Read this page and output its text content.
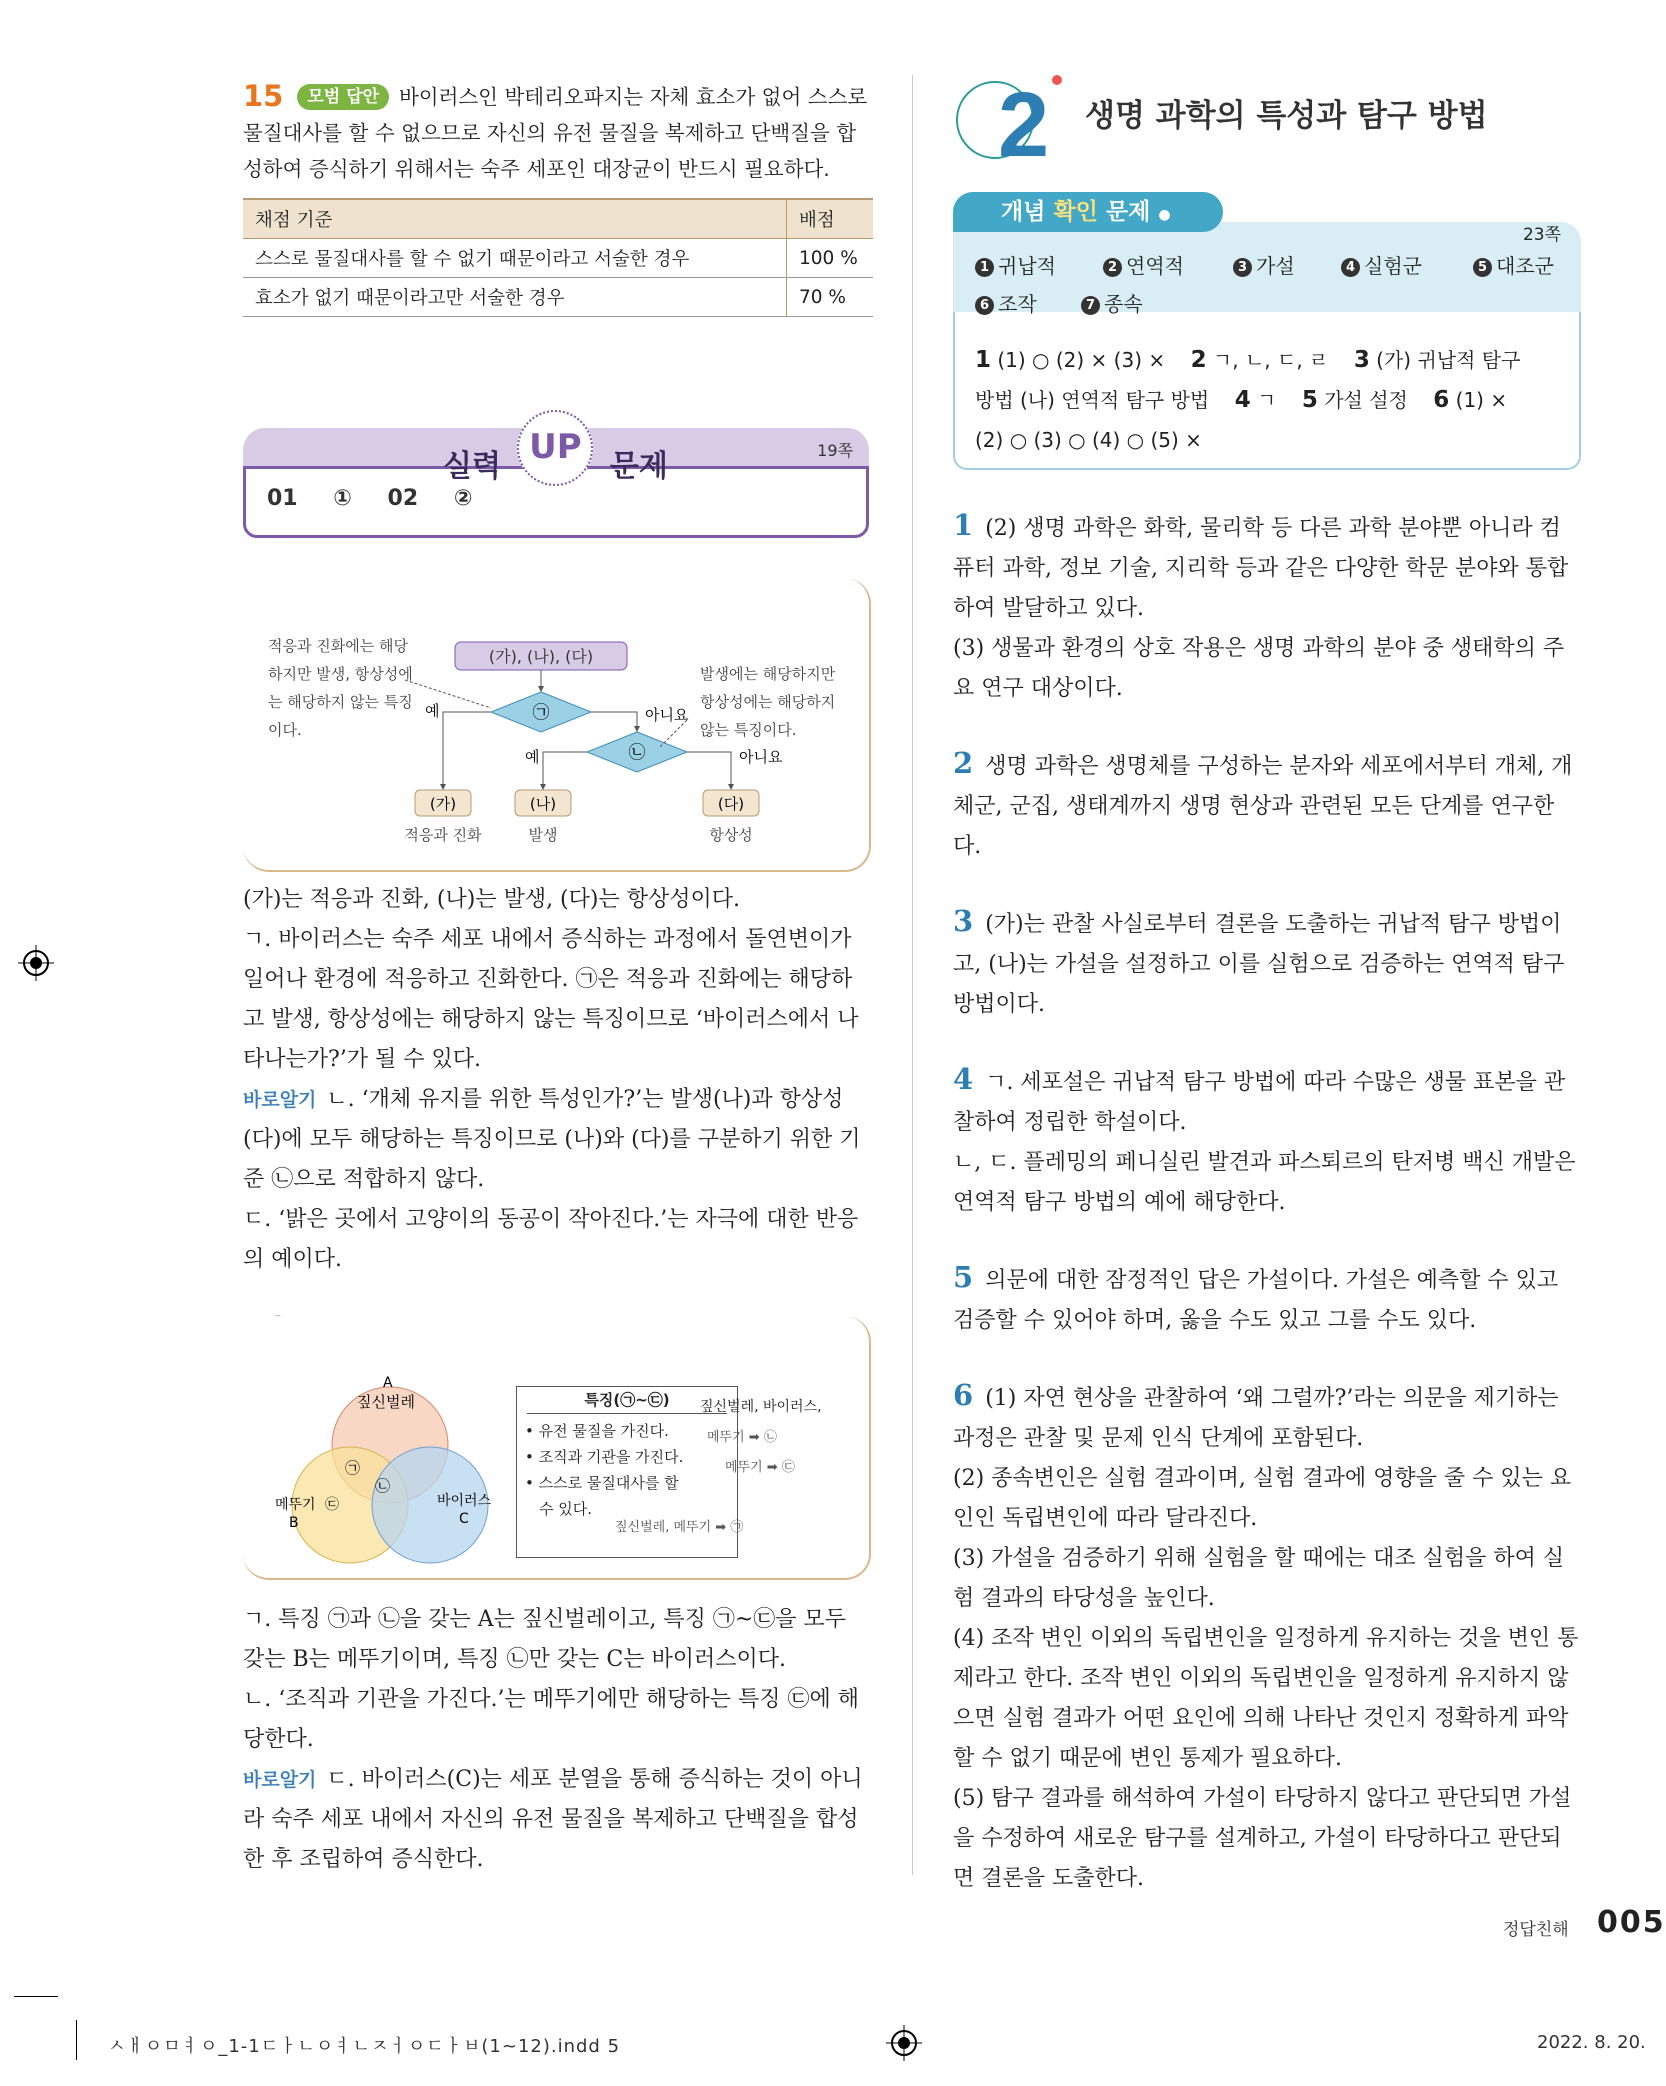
15 모범 답안 바이러스인 박테리오파지는 자체 효소가 없어 스스로 물질대사를 할 수 없으므로 자신의 유전 물질을 복제하고 단백질을 합성하여 증식하기 위해서는 숙주 세포인 대장균이 반드시 필요하다.
채점 기준	배점
스스로 물질대사를 할 수 없기 때문이라고 서술한 경우	100 %
효소가 없기 때문이라고만 서술한 경우	70 %
실력 UP 문제	19쪽
01 ① 02 ②
(가), (나), (다)
㉠
예	아니요
㉡
예	아니요
(가)
적응과 진화
(나)
발생
(다)
항상성
적응과 진화에는 해당하지만 발생, 항상성에는 해당하지 않는 특징이다.
발생에는 해당하지만 항상성에는 해당하지 않는 특징이다.
(가)는 적응과 진화, (나)는 발생, (다)는 항상성이다.
ㄱ. 바이러스는 숙주 세포 내에서 증식하는 과정에서 돌연변이가 일어나 환경에 적응하고 진화한다. ㉠은 적응과 진화에는 해당하고 발생, 항상성에는 해당하지 않는 특징이므로 ‘바이러스에서 나타나는가?’가 될 수 있다.
바로알기 ㄴ. ‘개체 유지를 위한 특성인가?’는 발생(나)과 항상성(다)에 모두 해당하는 특징이므로 (나)와 (다)를 구분하기 위한 기준 ㉡으로 적합하지 않다.
ㄷ. ‘밝은 곳에서 고양이의 동공이 작아진다.’는 자극에 대한 반응의 예이다.
A
짚신벌레
메뚜기 ㉢
B
바이러스
C
㉠
㉡
특징(㉠~㉢)
• 유전 물질을 가진다.
• 조직과 기관을 가진다.
• 스스로 물질대사를 할
수 있다.
짚신벌레, 바이러스,
메뚜기 ➡ ㉡
메뚜기 ➡ ㉢
짚신벌레, 메뚜기 ➡ ㉠
ㄱ. 특징 ㉠과 ㉡을 갖는 A는 짚신벌레이고, 특징 ㉠~㉢을 모두 갖는 B는 메뚜기이며, 특징 ㉡만 갖는 C는 바이러스이다.
ㄴ. ‘조직과 기관을 가진다.’는 메뚜기에만 해당하는 특징 ㉢에 해당한다.
바로알기 ㄷ. 바이러스(C)는 세포 분열을 통해 증식하는 것이 아니라 숙주 세포 내에서 자신의 유전 물질을 복제하고 단백질을 합성한 후 조립하여 증식한다.
2 생명 과학의 특성과 탐구 방법
개념 확인 문제 ●
23쪽
1 귀납적	2 연역적	3 가설	4 실험군	5 대조군
6 조작	7 종속
1 (1) ○ (2) × (3) × 2 ㄱ, ㄴ, ㄷ, ㄹ 3 (가) 귀납적 탐구
방법 (나) 연역적 탐구 방법 4 ㄱ 5 가설 설정 6 (1) ×
(2) ○ (3) ○ (4) ○ (5) ×
1 (2) 생명 과학은 화학, 물리학 등 다른 과학 분야뿐 아니라 컴퓨터 과학, 정보 기술, 지리학 등과 같은 다양한 학문 분야와 통합하여 발달하고 있다.
(3) 생물과 환경의 상호 작용은 생명 과학의 분야 중 생태학의 주요 연구 대상이다.
2 생명 과학은 생명체를 구성하는 분자와 세포에서부터 개체, 개체군, 군집, 생태계까지 생명 현상과 관련된 모든 단계를 연구한다.
3 (가)는 관찰 사실로부터 결론을 도출하는 귀납적 탐구 방법이고, (나)는 가설을 설정하고 이를 실험으로 검증하는 연역적 탐구 방법이다.
4 ㄱ. 세포설은 귀납적 탐구 방법에 따라 수많은 생물 표본을 관찰하여 정립한 학설이다.
ㄴ, ㄷ. 플레밍의 페니실린 발견과 파스퇴르의 탄저병 백신 개발은 연역적 탐구 방법의 예에 해당한다.
5 의문에 대한 잠정적인 답은 가설이다. 가설은 예측할 수 있고 검증할 수 있어야 하며, 옳을 수도 있고 그를 수도 있다.
6 (1) 자연 현상을 관찰하여 ‘왜 그럴까?’라는 의문을 제기하는 과정은 관찰 및 문제 인식 단계에 포함된다.
(2) 종속변인은 실험 결과이며, 실험 결과에 영향을 줄 수 있는 요인인 독립변인에 따라 달라진다.
(3) 가설을 검증하기 위해 실험을 할 때에는 대조 실험을 하여 실험 결과의 타당성을 높인다.
(4) 조작 변인 이외의 독립변인을 일정하게 유지하는 것을 변인 통제라고 한다. 조작 변인 이외의 독립변인을 일정하게 유지하지 않으면 실험 결과가 어떤 요인에 의해 나타난 것인지 정확하게 파악할 수 없기 때문에 변인 통제가 필요하다.
(5) 탐구 결과를 해석하여 가설이 타당하지 않다고 판단되면 가설을 수정하여 새로운 탐구를 설계하고, 가설이 타당하다고 판단되면 결론을 도출한다.
정답친해 005
ㅅㅐㅇㅁㅕㅇ_1-1ㄷㅏㄴㅇㅕㄴㅈㅓㅇㄷㅏㅂ(1~12).indd 5	2022. 8. 20.
